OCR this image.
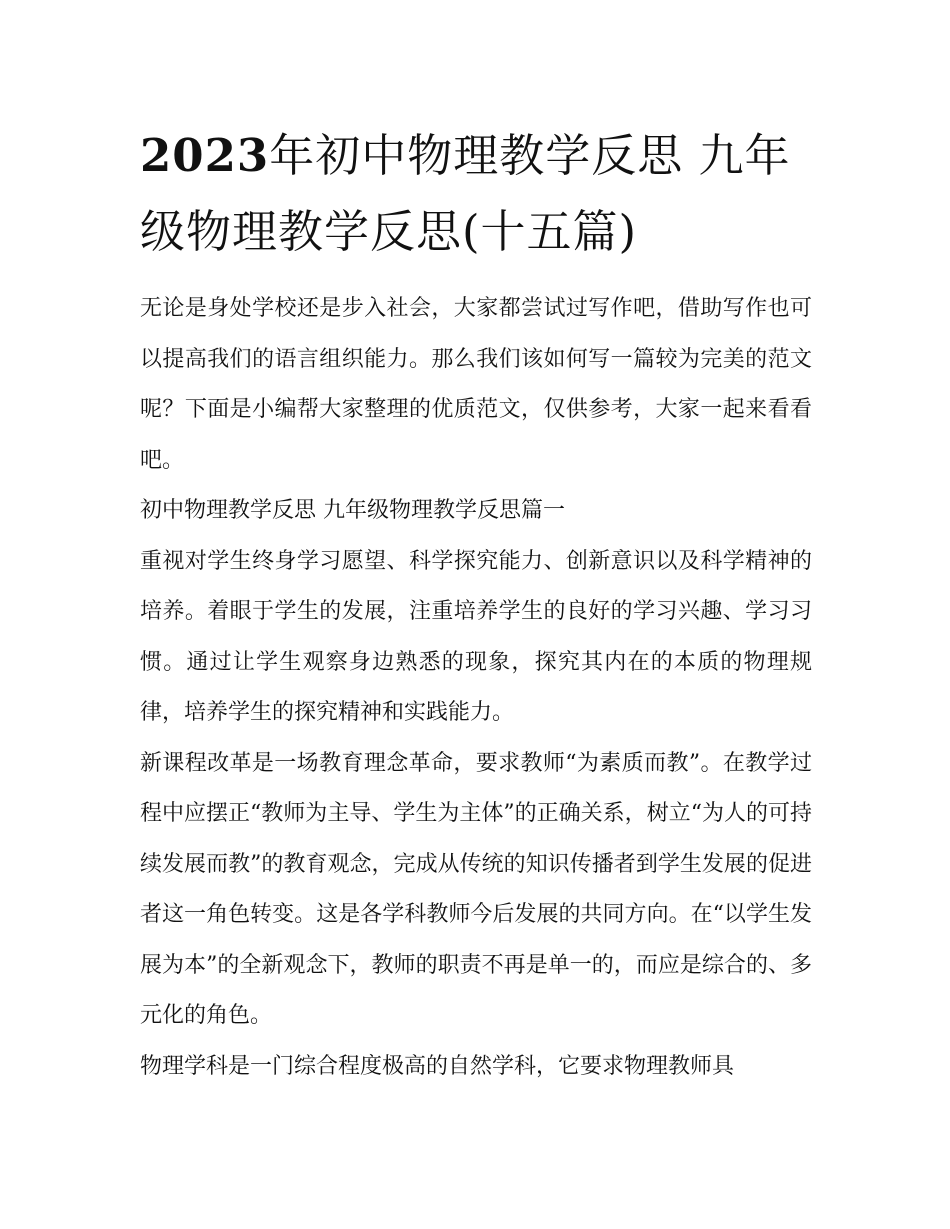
2023年初中物理教学反思 九年级物理教学反思(十五篇)

无论是身处学校还是步入社会，大家都尝试过写作吧，借助写作也可以提高我们的语言组织能力。那么我们该如何写一篇较为完美的范文呢？下面是小编帮大家整理的优质范文，仅供参考，大家一起来看看吧。

初中物理教学反思 九年级物理教学反思篇一

重视对学生终身学习愿望、科学探究能力、创新意识以及科学精神的培养。着眼于学生的发展，注重培养学生的良好的学习兴趣、学习习惯。通过让学生观察身边熟悉的现象，探究其内在的本质的物理规律，培养学生的探究精神和实践能力。

新课程改革是一场教育理念革命，要求教师“为素质而教”。在教学过程中应摆正“教师为主导、学生为主体”的正确关系，树立“为人的可持续发展而教”的教育观念，完成从传统的知识传播者到学生发展的促进者这一角色转变。这是各学科教师今后发展的共同方向。在“以学生发展为本”的全新观念下，教师的职责不再是单一的，而应是综合的、多元化的角色。

物理学科是一门综合程度极高的自然学科，它要求物理教师具
